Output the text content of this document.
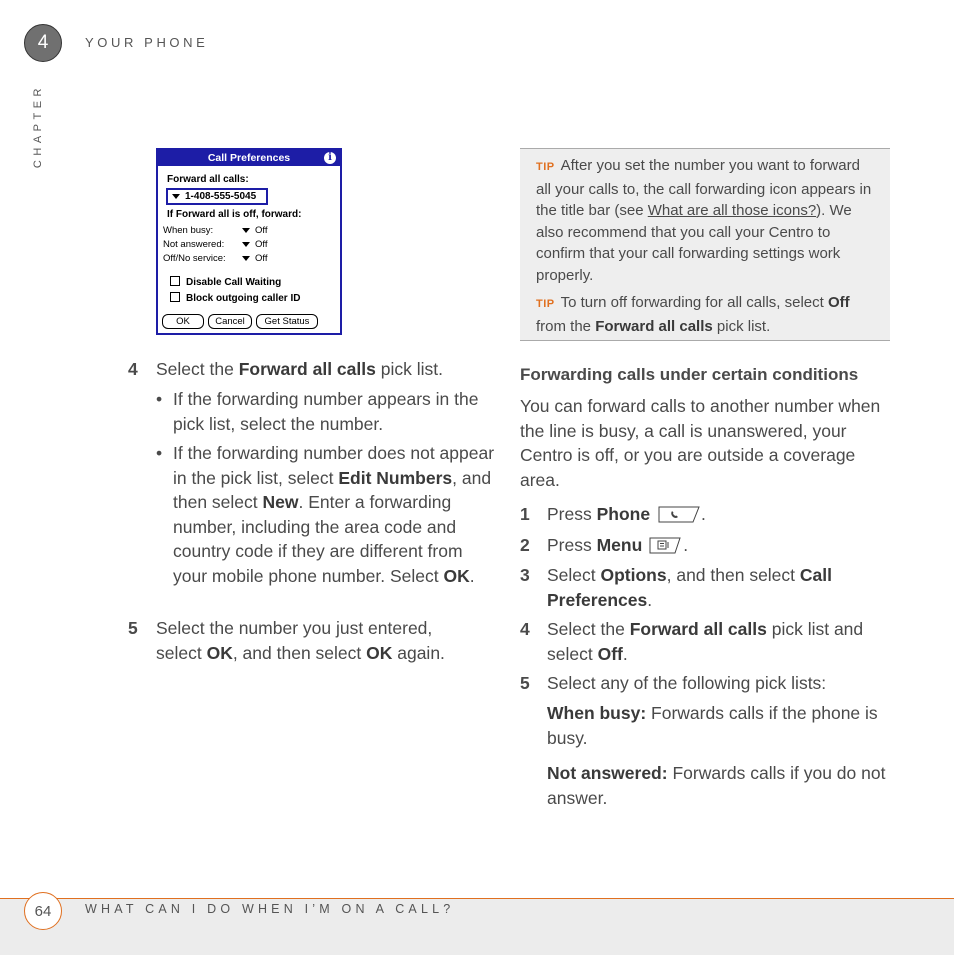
4	YOUR PHONE
CHAPTER	Call Preferences	i
Forward all calls:
1-408-555-5045
If Forward all is off, forward:
When busy:	Off
Not answered:	Off
Off/No service:	Off
Disable Call Waiting
Block outgoing caller ID
OK	Cancel	Get Status
4 Select the Forward all calls pick list.
• If the forwarding number appears in the pick list, select the number.
• If the forwarding number does not appear in the pick list, select Edit Numbers, and then select New. Enter a forwarding number, including the area code and country code if they are different from your mobile phone number. Select OK.
5 Select the number you just entered, select OK, and then select OK again.
TIP After you set the number you want to forward all your calls to, the call forwarding icon appears in the title bar (see What are all those icons?). We also recommend that you call your Centro to confirm that your call forwarding settings work properly.
TIP To turn off forwarding for all calls, select Off from the Forward all calls pick list.
Forwarding calls under certain conditions
You can forward calls to another number when the line is busy, a call is unanswered, your Centro is off, or you are outside a coverage area.
1 Press Phone	.
2 Press Menu .
3 Select Options, and then select Call Preferences.
4 Select the Forward all calls pick list and select Off.
5 Select any of the following pick lists:
When busy: Forwards calls if the phone is busy.
Not answered: Forwards calls if you do not answer.
64	WHAT CAN I DO WHEN I’M ON A CALL?
